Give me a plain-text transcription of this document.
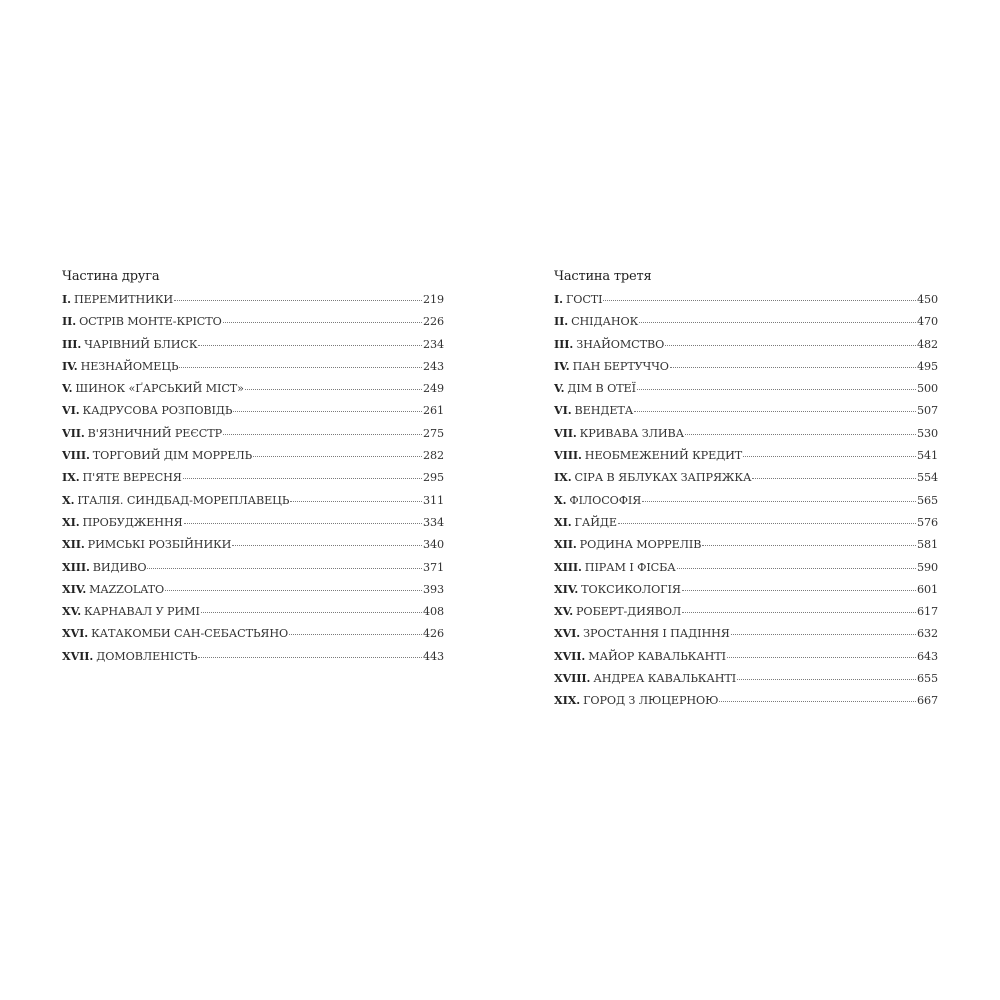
Частина друга
I. ПЕРЕМИТНИКИ	219
II. ОСТРІВ МОНТЕ-КРІСТО	226
III. ЧАРІВНИЙ БЛИСК	234
IV. НЕЗНАЙОМЕЦЬ	243
V. ШИНОК «ҐАРСЬКИЙ МІСТ»	249
VI. КАДРУСОВА РОЗПОВІДЬ	261
VII. В'ЯЗНИЧНИЙ РЕЄСТР	275
VIII. ТОРГОВИЙ ДІМ МОРРЕЛЬ	282
IX. П'ЯТЕ ВЕРЕСНЯ	295
X. ІТАЛІЯ. СИНДБАД-МОРЕПЛАВЕЦЬ	311
XI. ПРОБУДЖЕННЯ	334
XII. РИМСЬКІ РОЗБІЙНИКИ	340
XIII. ВИДИВО	371
XIV. MAZZOLATO	393
XV. КАРНАВАЛ У РИМІ	408
XVI. КАТАКОМБИ САН-СЕБАСТЬЯНО	426
XVII. ДОМОВЛЕНІСТЬ	443
Частина третя
I. ГОСТІ	450
II. СНІДАНОК	470
III. ЗНАЙОМСТВО	482
IV. ПАН БЕРТУЧЧО	495
V. ДІМ В ОТЕЇ	500
VI. ВЕНДЕТА	507
VII. КРИВАВА ЗЛИВА	530
VIII. НЕОБМЕЖЕНИЙ КРЕДИТ	541
IX. СІРА В ЯБЛУКАХ ЗАПРЯЖКА	554
X. ФІЛОСОФІЯ	565
XI. ГАЙДЕ	576
XII. РОДИНА МОРРЕЛІВ	581
XIII. ПІРАМ І ФІСБА	590
XIV. ТОКСИКОЛОГІЯ	601
XV. РОБЕРТ-ДИЯВОЛ	617
XVI. ЗРОСТАННЯ І ПАДІННЯ	632
XVII. МАЙОР КАВАЛЬКАНТІ	643
XVIII. АНДРЕА КАВАЛЬКАНТІ	655
XIX. ГОРОД З ЛЮЦЕРНОЮ	667
